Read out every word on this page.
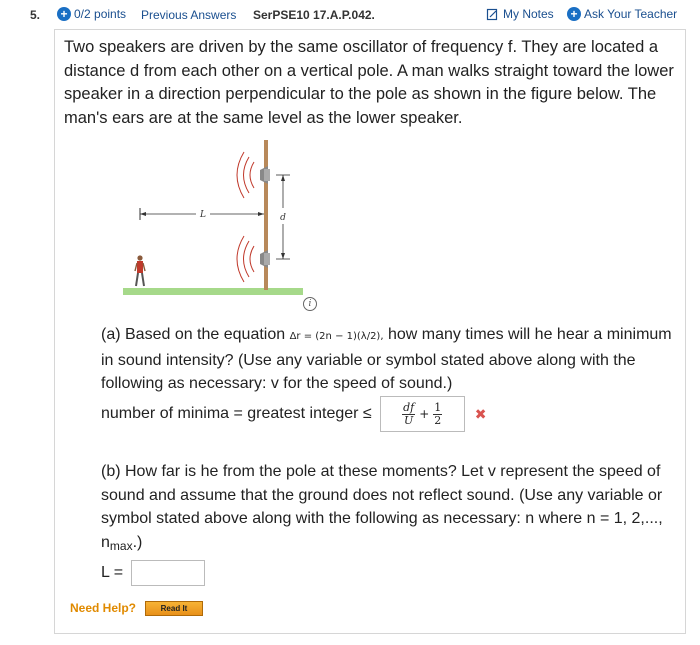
5. + 0/2 points Previous Answers SerPSE10 17.A.P.042.	My Notes + Ask Your Teacher
Two speakers are driven by the same oscillator of frequency f. They are located a distance d from each other on a vertical pole. A man walks straight toward the lower speaker in a direction perpendicular to the pole as shown in the figure below. The man's ears are at the same level as the lower speaker.
L	d
i
(a) Based on the equation Δr = (2n − 1)(λ/2), how many times will he hear a minimum in sound intensity? (Use any variable or symbol stated above along with the following as necessary: v for the speed of sound.)
number of minima = greatest integer ≤	$\frac{df}{U} + \frac{1}{2}$ ✖
(b) How far is he from the pole at these moments? Let v represent the speed of sound and assume that the ground does not reflect sound. (Use any variable or symbol stated above along with the following as necessary: n where n = 1, 2,..., nmax.)
L =
Need Help?	Read It
